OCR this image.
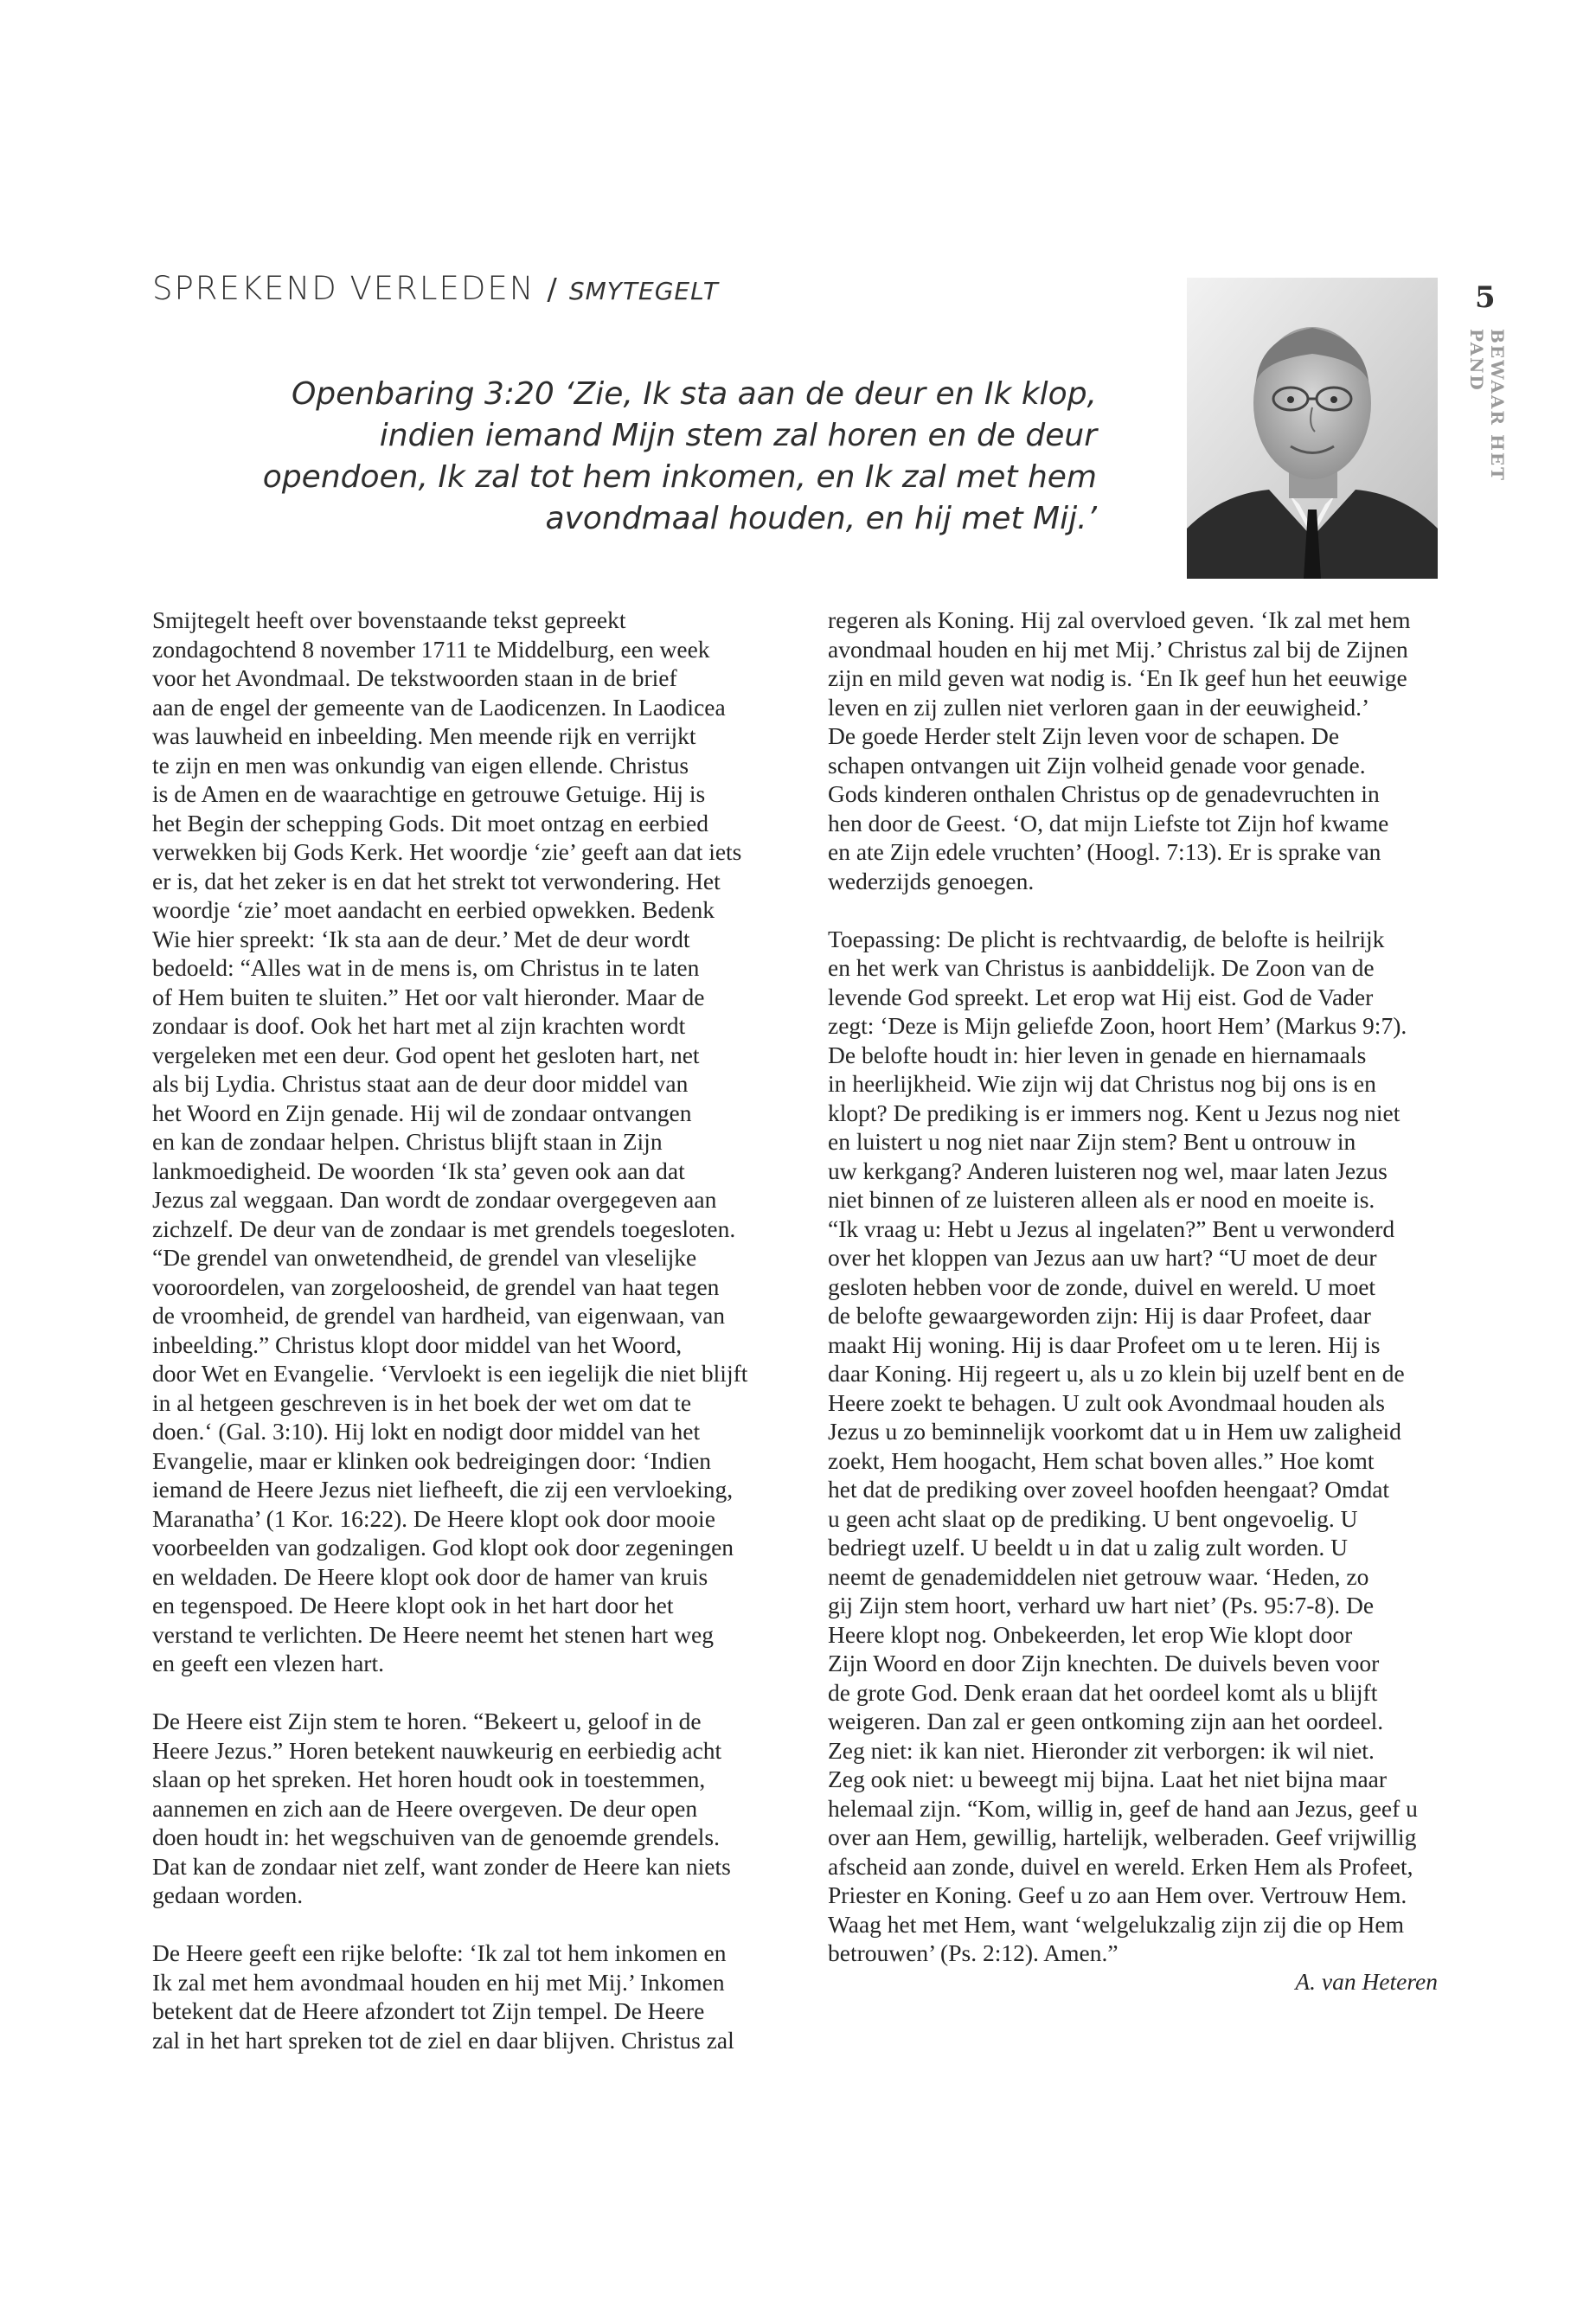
SPREKEND VERLEDEN / SMYTEGELT
Openbaring 3:20 ‘Zie, Ik sta aan de deur en Ik klop,
indien iemand Mijn stem zal horen en de deur
opendoen, Ik zal tot hem inkomen, en Ik zal met hem
avondmaal houden, en hij met Mij.’
5
BEWAAR HET PAND

Smijtegelt heeft over bovenstaande tekst gepreekt
zondagochtend 8 november 1711 te Middelburg, een week
voor het Avondmaal. De tekstwoorden staan in de brief
aan de engel der gemeente van de Laodicenzen. In Laodicea
was lauwheid en inbeelding. Men meende rijk en verrijkt
te zijn en men was onkundig van eigen ellende. Christus
is de Amen en de waarachtige en getrouwe Getuige. Hij is
het Begin der schepping Gods. Dit moet ontzag en eerbied
verwekken bij Gods Kerk. Het woordje ‘zie’ geeft aan dat iets
er is, dat het zeker is en dat het strekt tot verwondering. Het
woordje ‘zie’ moet aandacht en eerbied opwekken. Bedenk
Wie hier spreekt: ‘Ik sta aan de deur.’ Met de deur wordt
bedoeld: “Alles wat in de mens is, om Christus in te laten
of Hem buiten te sluiten.” Het oor valt hieronder. Maar de
zondaar is doof. Ook het hart met al zijn krachten wordt
vergeleken met een deur. God opent het gesloten hart, net
als bij Lydia. Christus staat aan de deur door middel van
het Woord en Zijn genade. Hij wil de zondaar ontvangen
en kan de zondaar helpen. Christus blijft staan in Zijn
lankmoedigheid. De woorden ‘Ik sta’ geven ook aan dat
Jezus zal weggaan. Dan wordt de zondaar overgegeven aan
zichzelf. De deur van de zondaar is met grendels toegesloten.
“De grendel van onwetendheid, de grendel van vleselijke
vooroordelen, van zorgeloosheid, de grendel van haat tegen
de vroomheid, de grendel van hardheid, van eigenwaan, van
inbeelding.” Christus klopt door middel van het Woord,
door Wet en Evangelie. ‘Vervloekt is een iegelijk die niet blijft
in al hetgeen geschreven is in het boek der wet om dat te
doen.‘ (Gal. 3:10). Hij lokt en nodigt door middel van het
Evangelie, maar er klinken ook bedreigingen door: ‘Indien
iemand de Heere Jezus niet liefheeft, die zij een vervloeking,
Maranatha’ (1 Kor. 16:22). De Heere klopt ook door mooie
voorbeelden van godzaligen. God klopt ook door zegeningen
en weldaden. De Heere klopt ook door de hamer van kruis
en tegenspoed. De Heere klopt ook in het hart door het
verstand te verlichten. De Heere neemt het stenen hart weg
en geeft een vlezen hart.

De Heere eist Zijn stem te horen. “Bekeert u, geloof in de
Heere Jezus.” Horen betekent nauwkeurig en eerbiedig acht
slaan op het spreken. Het horen houdt ook in toestemmen,
aannemen en zich aan de Heere overgeven. De deur open
doen houdt in: het wegschuiven van de genoemde grendels.
Dat kan de zondaar niet zelf, want zonder de Heere kan niets
gedaan worden.

De Heere geeft een rijke belofte: ‘Ik zal tot hem inkomen en
Ik zal met hem avondmaal houden en hij met Mij.’ Inkomen
betekent dat de Heere afzondert tot Zijn tempel. De Heere
zal in het hart spreken tot de ziel en daar blijven. Christus zal

regeren als Koning. Hij zal overvloed geven. ‘Ik zal met hem
avondmaal houden en hij met Mij.’ Christus zal bij de Zijnen
zijn en mild geven wat nodig is. ‘En Ik geef hun het eeuwige
leven en zij zullen niet verloren gaan in der eeuwigheid.’
De goede Herder stelt Zijn leven voor de schapen. De
schapen ontvangen uit Zijn volheid genade voor genade.
Gods kinderen onthalen Christus op de genadevruchten in
hen door de Geest. ‘O, dat mijn Liefste tot Zijn hof kwame
en ate Zijn edele vruchten’ (Hoogl. 7:13). Er is sprake van
wederzijds genoegen.

Toepassing: De plicht is rechtvaardig, de belofte is heilrijk
en het werk van Christus is aanbiddelijk. De Zoon van de
levende God spreekt. Let erop wat Hij eist. God de Vader
zegt: ‘Deze is Mijn geliefde Zoon, hoort Hem’ (Markus 9:7).
De belofte houdt in: hier leven in genade en hiernamaals
in heerlijkheid. Wie zijn wij dat Christus nog bij ons is en
klopt? De prediking is er immers nog. Kent u Jezus nog niet
en luistert u nog niet naar Zijn stem? Bent u ontrouw in
uw kerkgang? Anderen luisteren nog wel, maar laten Jezus
niet binnen of ze luisteren alleen als er nood en moeite is.
“Ik vraag u: Hebt u Jezus al ingelaten?” Bent u verwonderd
over het kloppen van Jezus aan uw hart? “U moet de deur
gesloten hebben voor de zonde, duivel en wereld. U moet
de belofte gewaargeworden zijn: Hij is daar Profeet, daar
maakt Hij woning. Hij is daar Profeet om u te leren. Hij is
daar Koning. Hij regeert u, als u zo klein bij uzelf bent en de
Heere zoekt te behagen. U zult ook Avondmaal houden als
Jezus u zo beminnelijk voorkomt dat u in Hem uw zaligheid
zoekt, Hem hoogacht, Hem schat boven alles.” Hoe komt
het dat de prediking over zoveel hoofden heengaat? Omdat
u geen acht slaat op de prediking. U bent ongevoelig. U
bedriegt uzelf. U beeldt u in dat u zalig zult worden. U
neemt de genademiddelen niet getrouw waar. ‘Heden, zo
gij Zijn stem hoort, verhard uw hart niet’ (Ps. 95:7-8). De
Heere klopt nog. Onbekeerden, let erop Wie klopt door
Zijn Woord en door Zijn knechten. De duivels beven voor
de grote God. Denk eraan dat het oordeel komt als u blijft
weigeren. Dan zal er geen ontkoming zijn aan het oordeel.
Zeg niet: ik kan niet. Hieronder zit verborgen: ik wil niet.
Zeg ook niet: u beweegt mij bijna. Laat het niet bijna maar
helemaal zijn. “Kom, willig in, geef de hand aan Jezus, geef u
over aan Hem, gewillig, hartelijk, welberaden. Geef vrijwillig
afscheid aan zonde, duivel en wereld. Erken Hem als Profeet,
Priester en Koning. Geef u zo aan Hem over. Vertrouw Hem.
Waag het met Hem, want ‘welgelukzalig zijn zij die op Hem
betrouwen’ (Ps. 2:12). Amen.”

A. van Heteren
